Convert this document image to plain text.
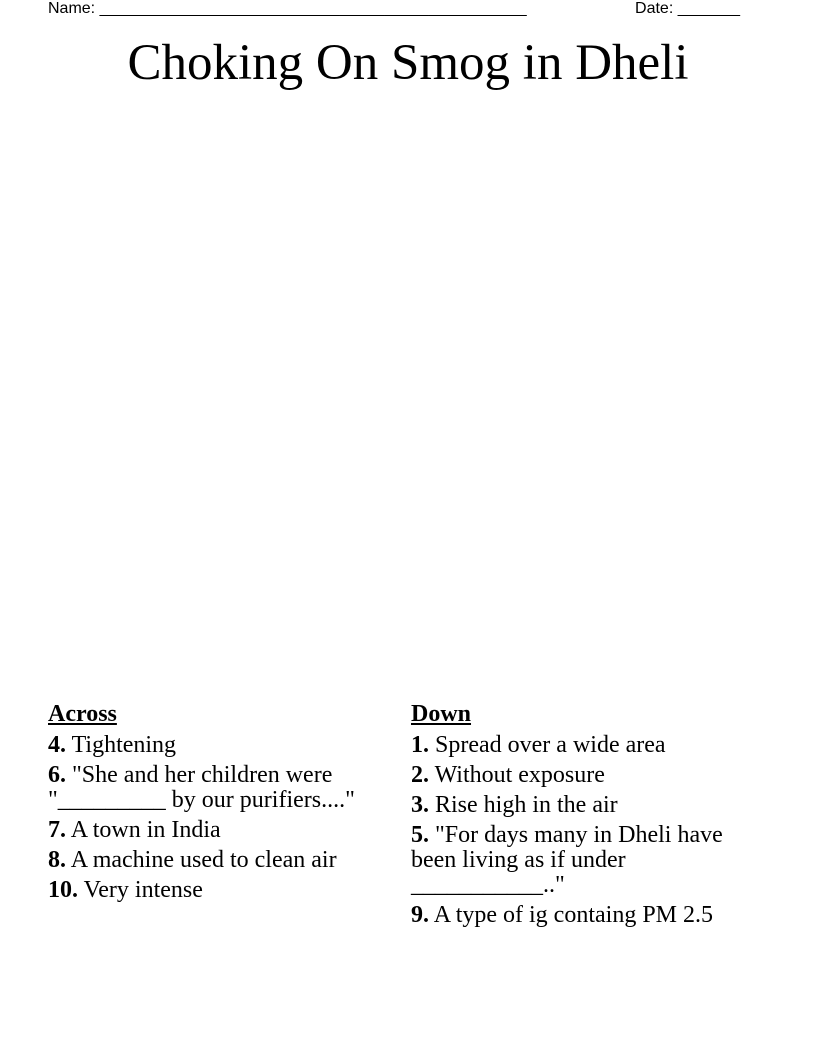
Name: ________________________________________________	Date: _______
Choking On Smog in Dheli
Across
4. Tightening
6. "She and her children were "_________ by our purifiers...."
7. A town in India
8. A machine used to clean air
10. Very intense
Down
1. Spread over a wide area
2. Without exposure
3. Rise high in the air
5. "For days many in Dheli have been living as if under ___________.."
9. A type of ig containg PM 2.5
